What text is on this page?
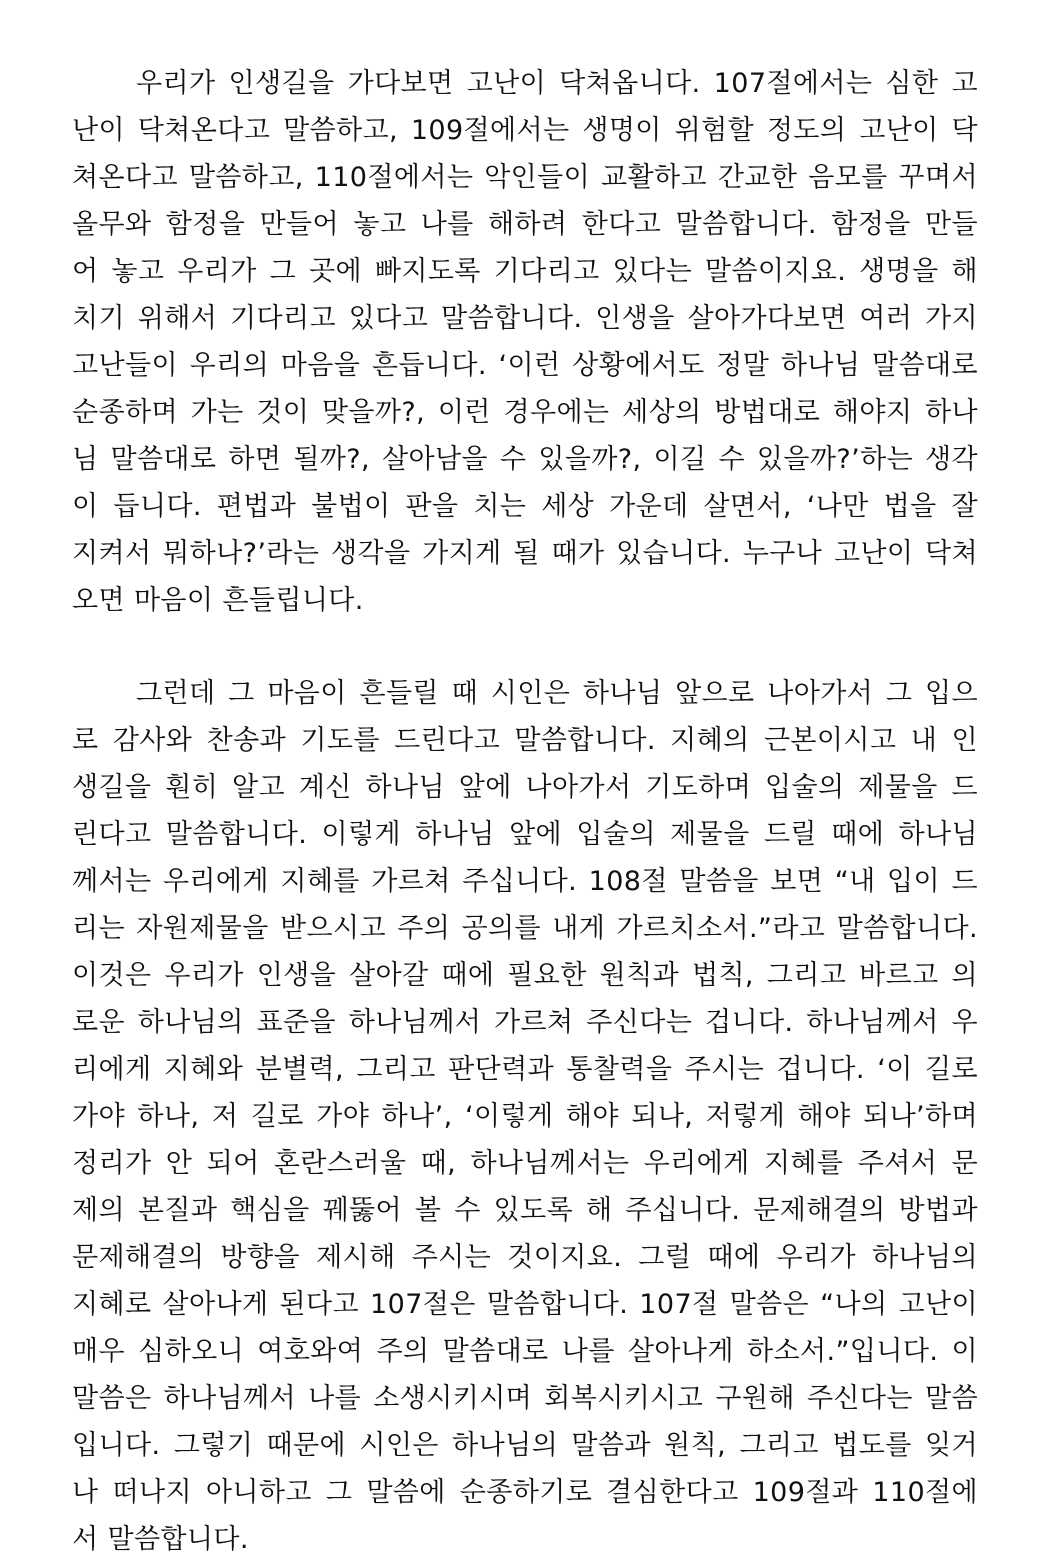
우리가 인생길을 가다보면 고난이 닥쳐옵니다. 107절에서는 심한 고
난이 닥쳐온다고 말씀하고, 109절에서는 생명이 위험할 정도의 고난이 닥
쳐온다고 말씀하고, 110절에서는 악인들이 교활하고 간교한 음모를 꾸며서
올무와 함정을 만들어 놓고 나를 해하려 한다고 말씀합니다. 함정을 만들
어 놓고 우리가 그 곳에 빠지도록 기다리고 있다는 말씀이지요. 생명을 해
치기 위해서 기다리고 있다고 말씀합니다. 인생을 살아가다보면 여러 가지
고난들이 우리의 마음을 흔듭니다. ‘이런 상황에서도 정말 하나님 말씀대로
순종하며 가는 것이 맞을까?, 이런 경우에는 세상의 방법대로 해야지 하나
님 말씀대로 하면 될까?, 살아남을 수 있을까?, 이길 수 있을까?’하는 생각
이 듭니다. 편법과 불법이 판을 치는 세상 가운데 살면서, ‘나만 법을 잘
지켜서 뭐하나?’라는 생각을 가지게 될 때가 있습니다. 누구나 고난이 닥쳐
오면 마음이 흔들립니다.

그런데 그 마음이 흔들릴 때 시인은 하나님 앞으로 나아가서 그 입으
로 감사와 찬송과 기도를 드린다고 말씀합니다. 지혜의 근본이시고 내 인
생길을 훤히 알고 계신 하나님 앞에 나아가서 기도하며 입술의 제물을 드
린다고 말씀합니다. 이렇게 하나님 앞에 입술의 제물을 드릴 때에 하나님
께서는 우리에게 지혜를 가르쳐 주십니다. 108절 말씀을 보면 “내 입이 드
리는 자원제물을 받으시고 주의 공의를 내게 가르치소서.”라고 말씀합니다.
이것은 우리가 인생을 살아갈 때에 필요한 원칙과 법칙, 그리고 바르고 의
로운 하나님의 표준을 하나님께서 가르쳐 주신다는 겁니다. 하나님께서 우
리에게 지혜와 분별력, 그리고 판단력과 통찰력을 주시는 겁니다. ‘이 길로
가야 하나, 저 길로 가야 하나’, ‘이렇게 해야 되나, 저렇게 해야 되나’하며
정리가 안 되어 혼란스러울 때, 하나님께서는 우리에게 지혜를 주셔서 문
제의 본질과 핵심을 꿰뚫어 볼 수 있도록 해 주십니다. 문제해결의 방법과
문제해결의 방향을 제시해 주시는 것이지요. 그럴 때에 우리가 하나님의
지혜로 살아나게 된다고 107절은 말씀합니다. 107절 말씀은 “나의 고난이
매우 심하오니 여호와여 주의 말씀대로 나를 살아나게 하소서.”입니다. 이
말씀은 하나님께서 나를 소생시키시며 회복시키시고 구원해 주신다는 말씀
입니다. 그렇기 때문에 시인은 하나님의 말씀과 원칙, 그리고 법도를 잊거
나 떠나지 아니하고 그 말씀에 순종하기로 결심한다고 109절과 110절에
서 말씀합니다.
